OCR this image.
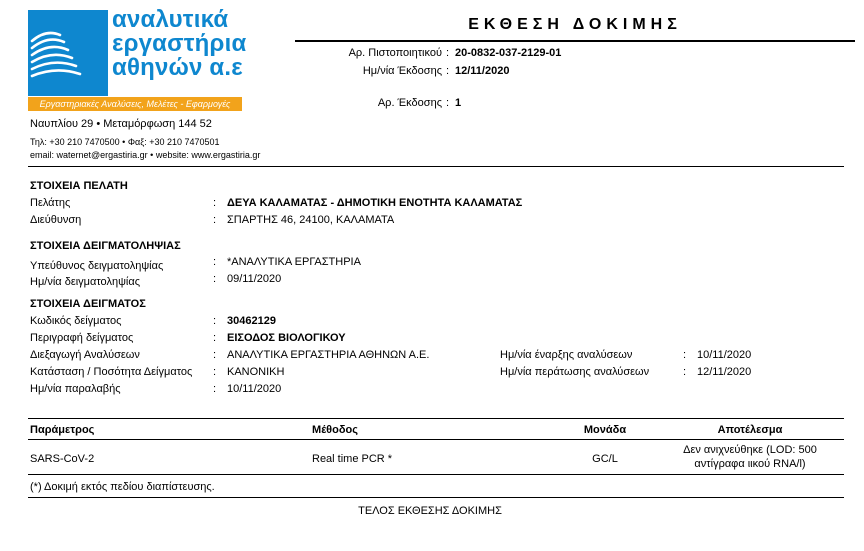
αναλυτικά
εργαστήρια
αθηνών α.ε
Εργαστηριακές Αναλύσεις, Μελέτες - Εφαρμογές
Ναυπλίου 29 • Μεταμόρφωση 144 52
Τηλ: +30 210 7470500 • Φαξ: +30 210 7470501
email: waternet@ergastiria.gr • website: www.ergastiria.gr
ΕΚΘΕΣΗ ΔΟΚΙΜΗΣ
Αρ. Πιστοποιητικού : 20-0832-037-2129-01
Ημ/νία Έκδοσης : 12/11/2020
Αρ. Έκδοσης : 1
ΣΤΟΙΧΕΙΑ ΠΕΛΑΤΗ
Πελάτης	: ΔΕΥΑ ΚΑΛΑΜΑΤΑΣ - ΔΗΜΟΤΙΚΗ ΕΝΟΤΗΤΑ ΚΑΛΑΜΑΤΑΣ
Διεύθυνση	: ΣΠΑΡΤΗΣ 46, 24100, ΚΑΛΑΜΑΤΑ
ΣΤΟΙΧΕΙΑ ΔΕΙΓΜΑΤΟΛΗΨΙΑΣ
Υπεύθυνος δειγματοληψίας	: *ΑΝΑΛΥΤΙΚΑ ΕΡΓΑΣΤΗΡΙΑ
Ημ/νία δειγματοληψίας	: 09/11/2020
ΣΤΟΙΧΕΙΑ ΔΕΙΓΜΑΤΟΣ
Κωδικός δείγματος	: 30462129
Περιγραφή δείγματος	: ΕΙΣΟΔΟΣ ΒΙΟΛΟΓΙΚΟΥ
Διεξαγωγή Αναλύσεων	: ΑΝΑΛΥΤΙΚΑ ΕΡΓΑΣΤΗΡΙΑ ΑΘΗΝΩΝ Α.Ε.
Κατάσταση / Ποσότητα Δείγματος : ΚΑΝΟΝΙΚΗ
Ημ/νία παραλαβής	: 10/11/2020
Ημ/νία έναρξης αναλύσεων	: 10/11/2020
Ημ/νία περάτωσης αναλύσεων	: 12/11/2020
Παράμετρος	Μέθοδος	Μονάδα	Αποτέλεσμα
SARS-CoV-2	Real time PCR *	GC/L
Δεν ανιχνεύθηκε (LOD: 500
αντίγραφα ιικού RNA/l)
(*) Δοκιμή εκτός πεδίου διαπίστευσης.
ΤΕΛΟΣ ΕΚΘΕΣΗΣ ΔΟΚΙΜΗΣ
